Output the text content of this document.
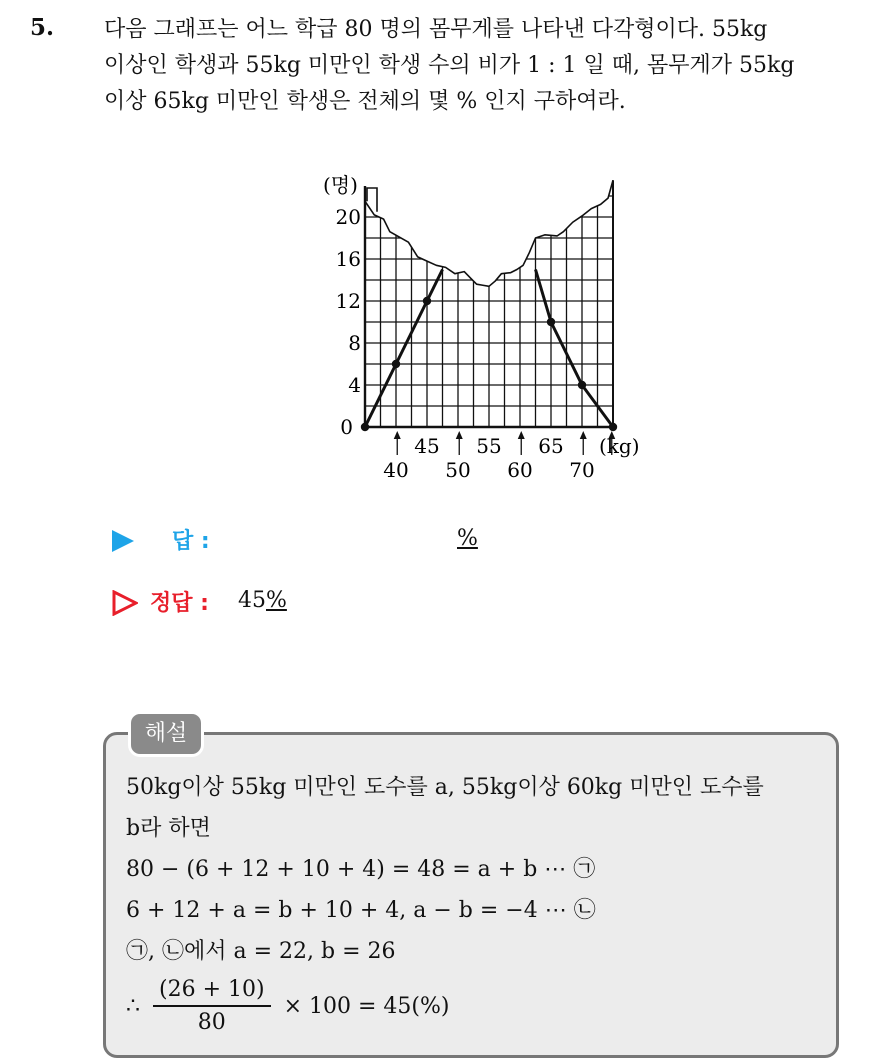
5. 다음 그래프는 어느 학급 80 명의 몸무게를 나타낸 다각형이다. 55kg
이상인 학생과 55kg 미만인 학생 수의 비가 1 : 1 일 때, 몸무게가 55kg
이상 65kg 미만인 학생은 전체의 몇 % 인지 구하여라.
0
4
8
12
16
20
(명)
45 55 65
40 50 60 70
(kg)
답 :	%
정답 : 45%
해설
50kg이상 55kg 미만인 도수를 a, 55kg이상 60kg 미만인 도수를
b라 하면
80 − (6 + 12 + 10 + 4) = 48 = a + b ⋯ ㉠
6 + 12 + a = b + 10 + 4, a − b = −4 ⋯ ㉡
㉠, ㉡에서 a = 22, b = 26
∴ $\frac{(26 + 10)}{80} \times 100 = 45(\%)$
